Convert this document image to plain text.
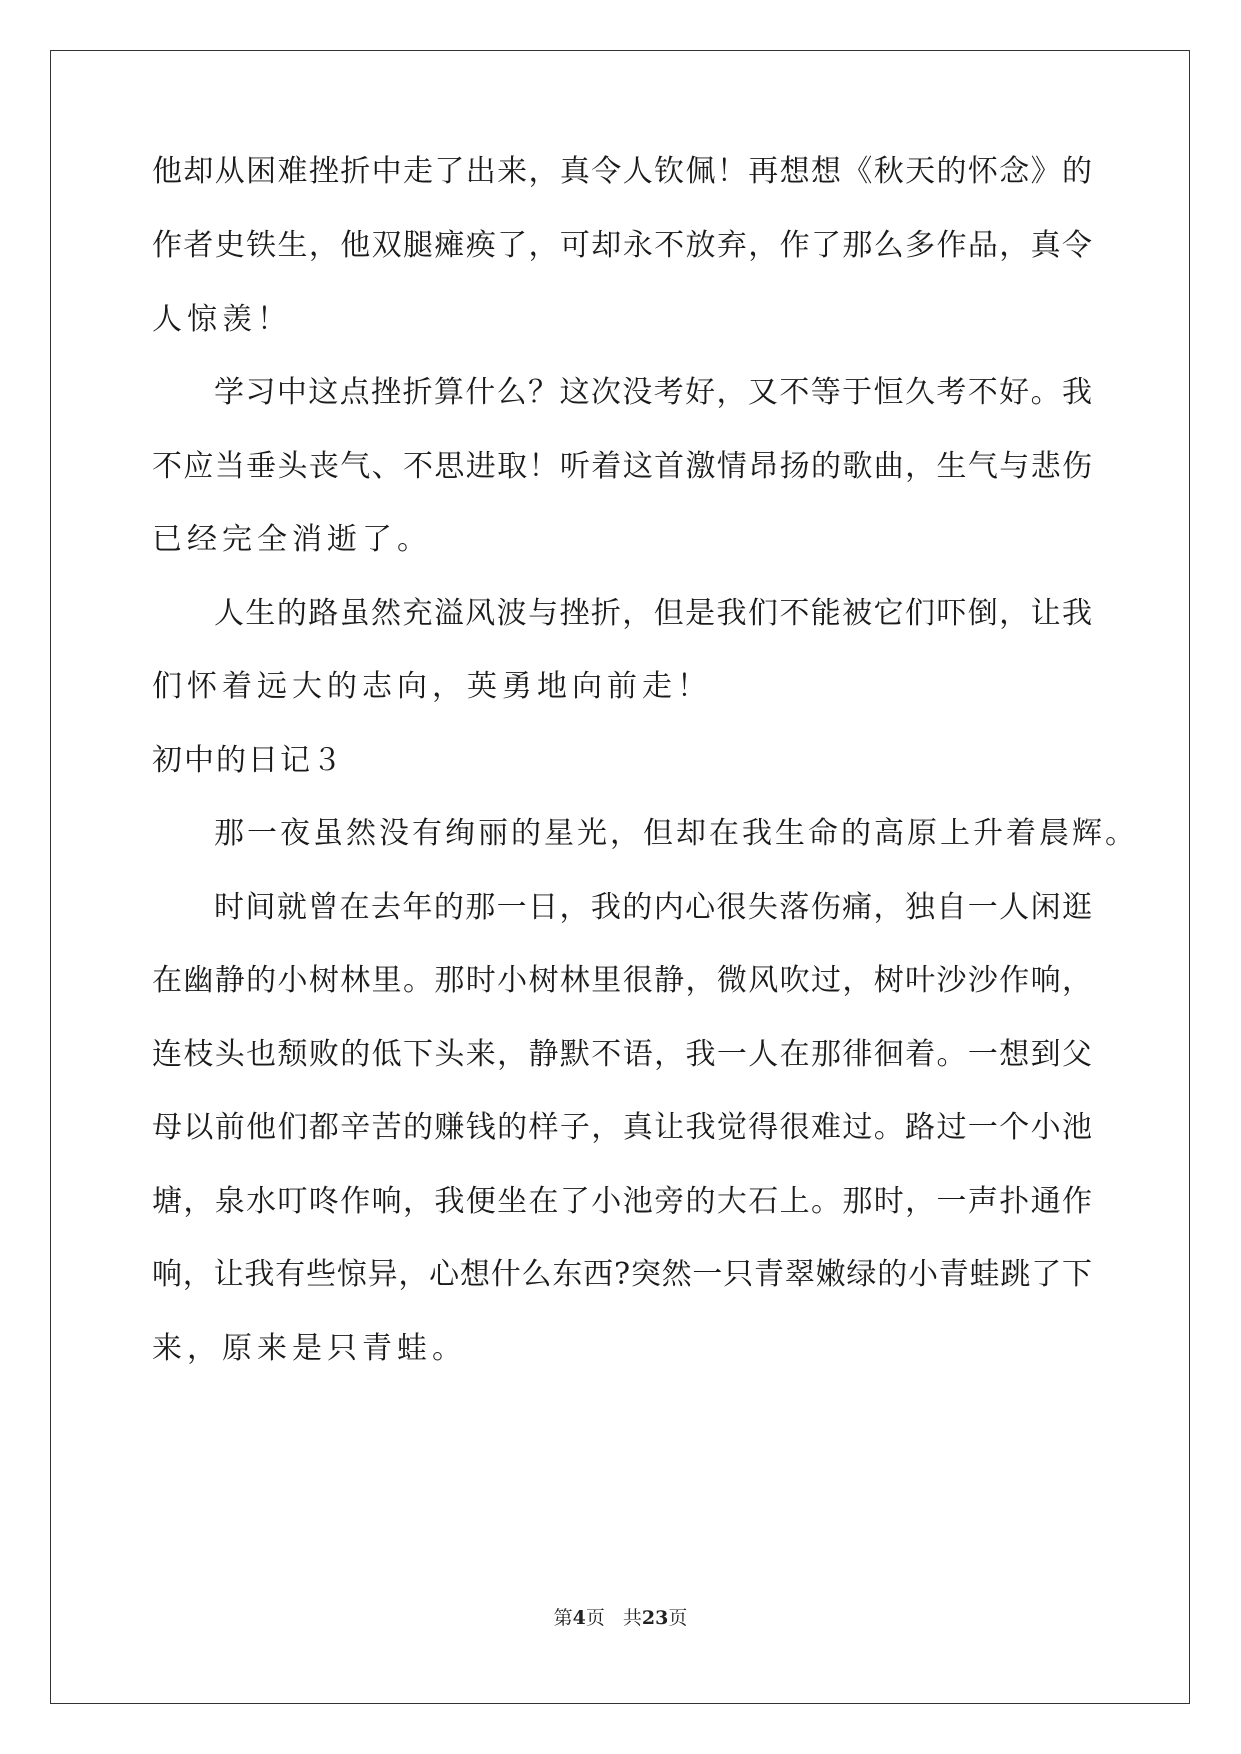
他却从困难挫折中走了出来，真令人钦佩！再想想《秋天的怀念》的
作者史铁生，他双腿瘫痪了，可却永不放弃，作了那么多作品，真令
人惊羡！
学习中这点挫折算什么？这次没考好，又不等于恒久考不好。我
不应当垂头丧气、不思进取！听着这首激情昂扬的歌曲，生气与悲伤
已经完全消逝了。
人生的路虽然充溢风波与挫折，但是我们不能被它们吓倒，让我
们怀着远大的志向，英勇地向前走！
初中的日记３
那一夜虽然没有绚丽的星光，但却在我生命的高原上升着晨辉。
时间就曾在去年的那一日，我的内心很失落伤痛，独自一人闲逛
在幽静的小树林里。那时小树林里很静，微风吹过，树叶沙沙作响，
连枝头也颓败的低下头来，静默不语，我一人在那徘徊着。一想到父
母以前他们都辛苦的赚钱的样子，真让我觉得很难过。路过一个小池
塘，泉水叮咚作响，我便坐在了小池旁的大石上。那时，一声扑通作
响，让我有些惊异，心想什么东西?突然一只青翠嫩绿的小青蛙跳了下
来，原来是只青蛙。
第4页 共23页
